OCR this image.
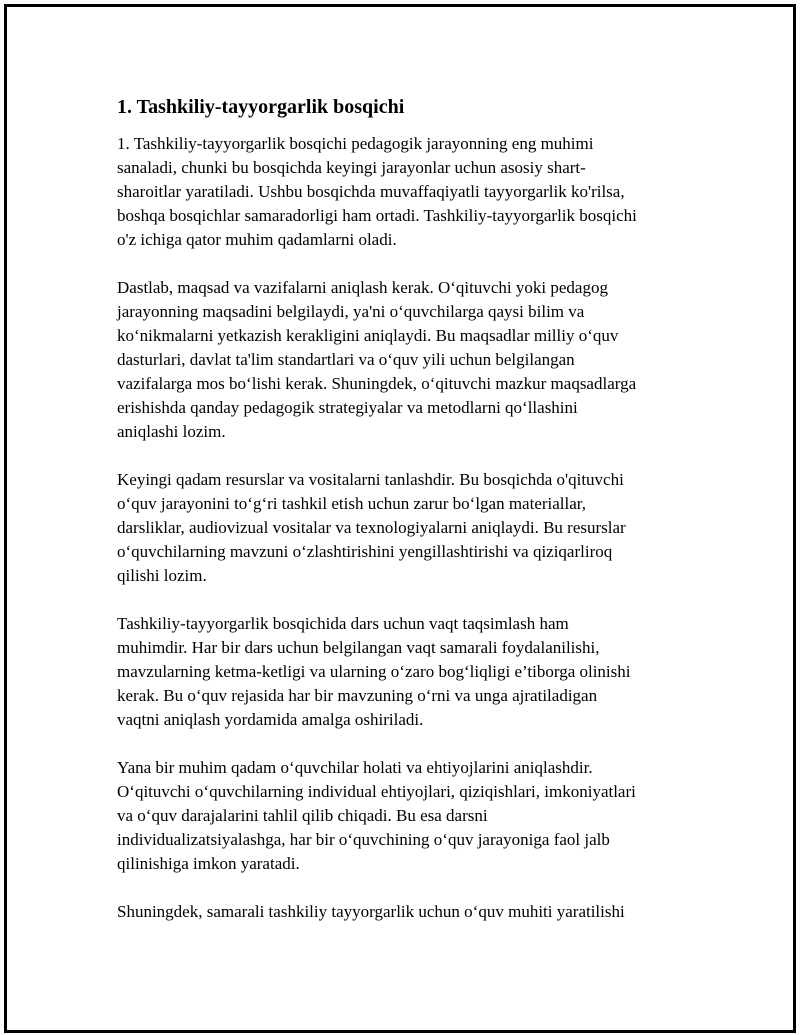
1. Tashkiliy-tayyorgarlik bosqichi

1. Tashkiliy-tayyorgarlik bosqichi pedagogik jarayonning eng muhimi
sanaladi, chunki bu bosqichda keyingi jarayonlar uchun asosiy shart-
sharoitlar yaratiladi. Ushbu bosqichda muvaffaqiyatli tayyorgarlik ko'rilsa,
boshqa bosqichlar samaradorligi ham ortadi. Tashkiliy-tayyorgarlik bosqichi
o'z ichiga qator muhim qadamlarni oladi.

Dastlab, maqsad va vazifalarni aniqlash kerak. O‘qituvchi yoki pedagog
jarayonning maqsadini belgilaydi, ya'ni o‘quvchilarga qaysi bilim va
ko‘nikmalarni yetkazish kerakligini aniqlaydi. Bu maqsadlar milliy o‘quv
dasturlari, davlat ta'lim standartlari va o‘quv yili uchun belgilangan
vazifalarga mos bo‘lishi kerak. Shuningdek, o‘qituvchi mazkur maqsadlarga
erishishda qanday pedagogik strategiyalar va metodlarni qo‘llashini
aniqlashi lozim.

Keyingi qadam resurslar va vositalarni tanlashdir. Bu bosqichda o'qituvchi
o‘quv jarayonini to‘g‘ri tashkil etish uchun zarur bo‘lgan materiallar,
darsliklar, audiovizual vositalar va texnologiyalarni aniqlaydi. Bu resurslar
o‘quvchilarning mavzuni o‘zlashtirishini yengillashtirishi va qiziqarliroq
qilishi lozim.

Tashkiliy-tayyorgarlik bosqichida dars uchun vaqt taqsimlash ham
muhimdir. Har bir dars uchun belgilangan vaqt samarali foydalanilishi,
mavzularning ketma-ketligi va ularning o‘zaro bog‘liqligi e’tiborga olinishi
kerak. Bu o‘quv rejasida har bir mavzuning o‘rni va unga ajratiladigan
vaqtni aniqlash yordamida amalga oshiriladi.

Yana bir muhim qadam o‘quvchilar holati va ehtiyojlarini aniqlashdir.
O‘qituvchi o‘quvchilarning individual ehtiyojlari, qiziqishlari, imkoniyatlari
va o‘quv darajalarini tahlil qilib chiqadi. Bu esa darsni
individualizatsiyalashga, har bir o‘quvchining o‘quv jarayoniga faol jalb
qilinishiga imkon yaratadi.

Shuningdek, samarali tashkiliy tayyorgarlik uchun o‘quv muhiti yaratilishi
